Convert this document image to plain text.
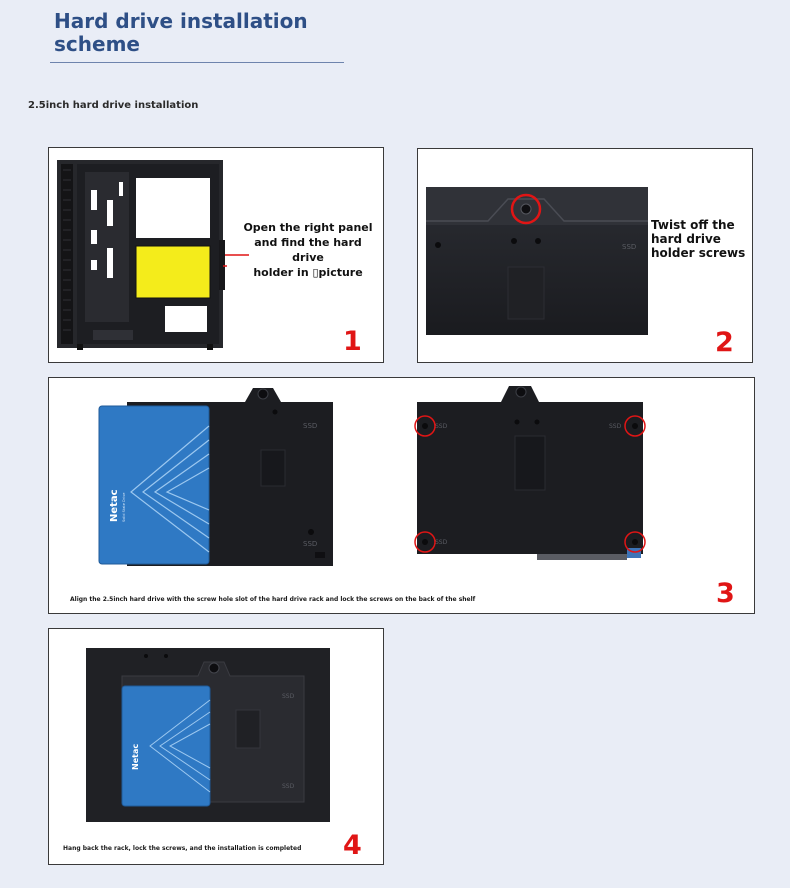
Hard drive installation
scheme
2.5inch hard drive installation
Open the right panel
and find the hard drive
holder in ▯picture
1
SSD
Twist off the
hard drive
holder screws
2
SSD
SSD
Netac Solid State Drive
SSD	SSD
SSD
Align the 2.5inch hard drive with the screw hole slot of the hard drive rack and lock the screws on the back of the shelf	3
SSD
SSD
Netac
Hang back the rack, lock the screws, and the installation is completed 4
